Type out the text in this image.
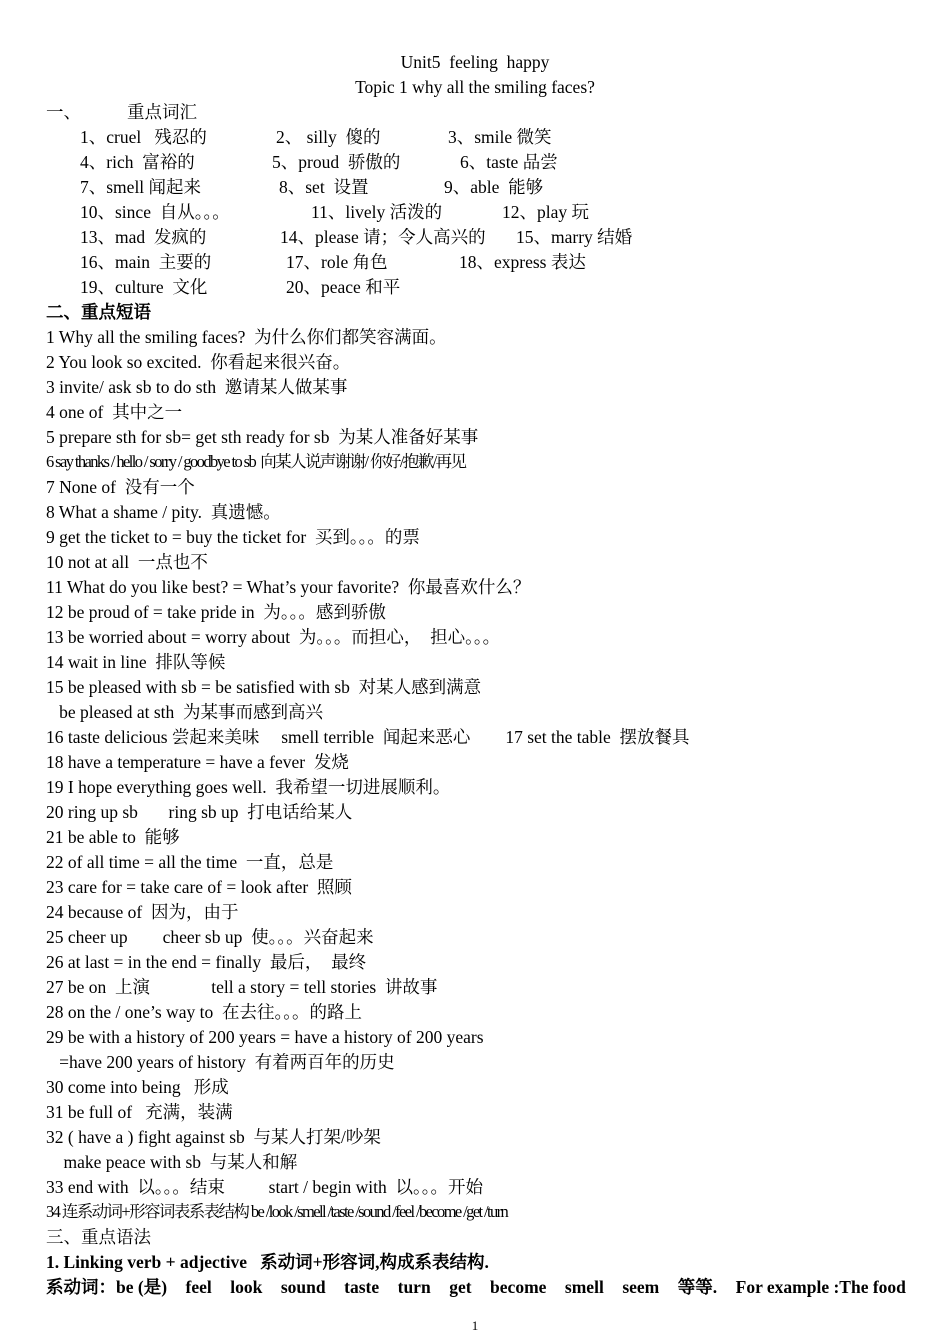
Unit5  feeling  happy
Topic 1 why all the smiling faces?
一、	重点词汇
1、cruel   残忍的	2、 silly  傻的	3、smile 微笑
4、rich  富裕的	5、proud  骄傲的	6、taste 品尝
7、smell 闻起来	8、set  设置	9、able  能够
10、since  自从。。。	11、lively 活泼的	12、play 玩
13、mad  发疯的	14、please 请；令人高兴的 15、marry 结婚
16、main  主要的	17、role 角色	18、express 表达
19、culture  文化	20、peace 和平
二、重点短语
1 Why all the smiling faces?  为什么你们都笑容满面。
2 You look so excited.  你看起来很兴奋。
3 invite/ ask sb to do sth  邀请某人做某事
4 one of  其中之一
5 prepare sth for sb= get sth ready for sb  为某人准备好某事
6 say thanks / hello / sorry / goodbye to sb  向某人说声谢谢/ 你好/抱歉/再见
7 None of  没有一个
8 What a shame / pity.  真遗憾。
9 get the ticket to = buy the ticket for  买到。。。的票
10 not at all  一点也不
11 What do you like best? = What’s your favorite?  你最喜欢什么？
12 be proud of = take pride in  为。。。感到骄傲
13 be worried about = worry about  为。。。而担心，  担心。。。
14 wait in line  排队等候
15 be pleased with sb = be satisfied with sb  对某人感到满意
be pleased at sth  为某事而感到高兴
16 taste delicious 尝起来美味     smell terrible  闻起来恶心        17 set the table  摆放餐具
18 have a temperature = have a fever  发烧
19 I hope everything goes well.  我希望一切进展顺利。
20 ring up sb       ring sb up  打电话给某人
21 be able to  能够
22 of all time = all the time  一直，总是
23 care for = take care of = look after  照顾
24 because of  因为，由于
25 cheer up        cheer sb up  使。。。兴奋起来
26 at last = in the end = finally  最后，  最终
27 be on  上演              tell a story = tell stories  讲故事
28 on the / one’s way to  在去往。。。的路上
29 be with a history of 200 years = have a history of 200 years
=have 200 years of history  有着两百年的历史
30 come into being   形成
31 be full of   充满，装满
32 ( have a ) fight against sb  与某人打架/吵架
make peace with sb  与某人和解
33 end with  以。。。结束          start / begin with  以。。。开始
34 连系动词+形容词表系表结构 be /look /smell /taste /sound /feel /become /get /turn
三、重点语法
1. Linking verb + adjective   系动词+形容词,构成系表结构.
系动词：be (是) feel look sound taste turn get become smell seem 等等. For example :The food
1
